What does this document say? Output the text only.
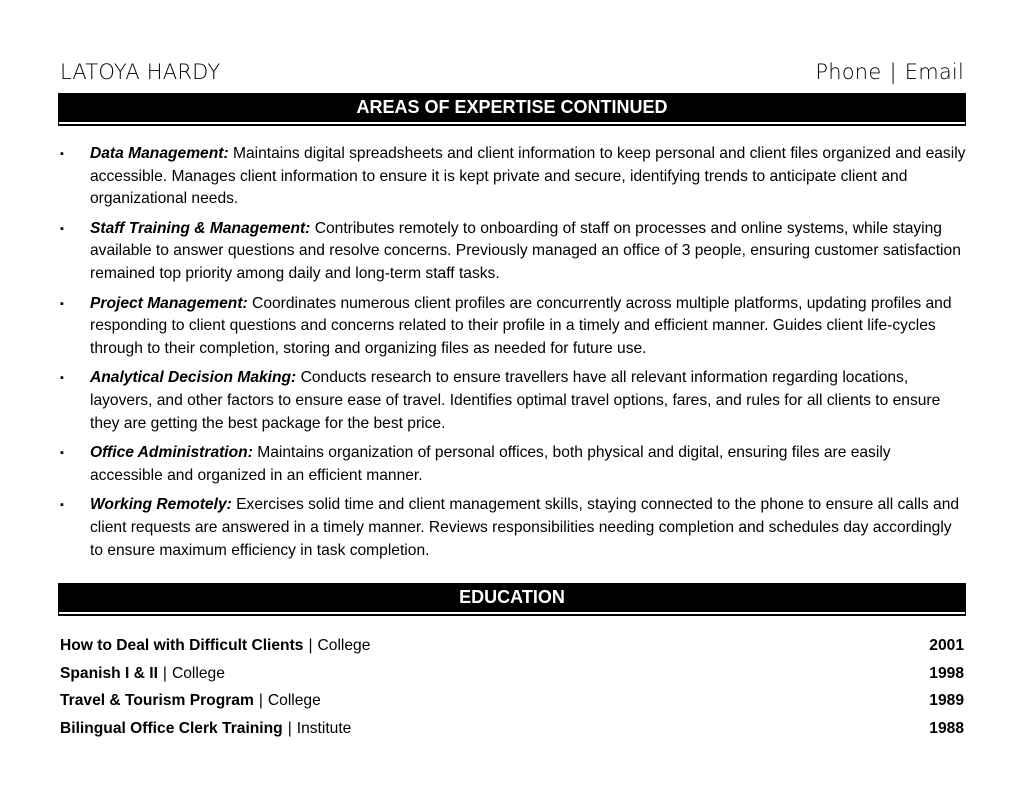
LATOYA HARDY	Phone | Email
AREAS OF EXPERTISE CONTINUED
▪
Data Management: Maintains digital spreadsheets and client information to keep personal and client files organized and easily accessible. Manages client information to ensure it is kept private and secure, identifying trends to anticipate client and organizational needs.
▪
Staff Training & Management: Contributes remotely to onboarding of staff on processes and online systems, while staying available to answer questions and resolve concerns. Previously managed an office of 3 people, ensuring customer satisfaction remained top priority among daily and long-term staff tasks.
▪
Project Management: Coordinates numerous client profiles are concurrently across multiple platforms, updating profiles and responding to client questions and concerns related to their profile in a timely and efficient manner. Guides client life-cycles through to their completion, storing and organizing files as needed for future use.
▪
Analytical Decision Making: Conducts research to ensure travellers have all relevant information regarding locations, layovers, and other factors to ensure ease of travel. Identifies optimal travel options, fares, and rules for all clients to ensure they are getting the best package for the best price.
▪
Office Administration: Maintains organization of personal offices, both physical and digital, ensuring files are easily accessible and organized in an efficient manner.
▪
Working Remotely: Exercises solid time and client management skills, staying connected to the phone to ensure all calls and client requests are answered in a timely manner. Reviews responsibilities needing completion and schedules day accordingly to ensure maximum efficiency in task completion.
EDUCATION
How to Deal with Difficult Clients | College	2001
Spanish I & II | College	1998
Travel & Tourism Program | College	1989
Bilingual Office Clerk Training | Institute	1988
